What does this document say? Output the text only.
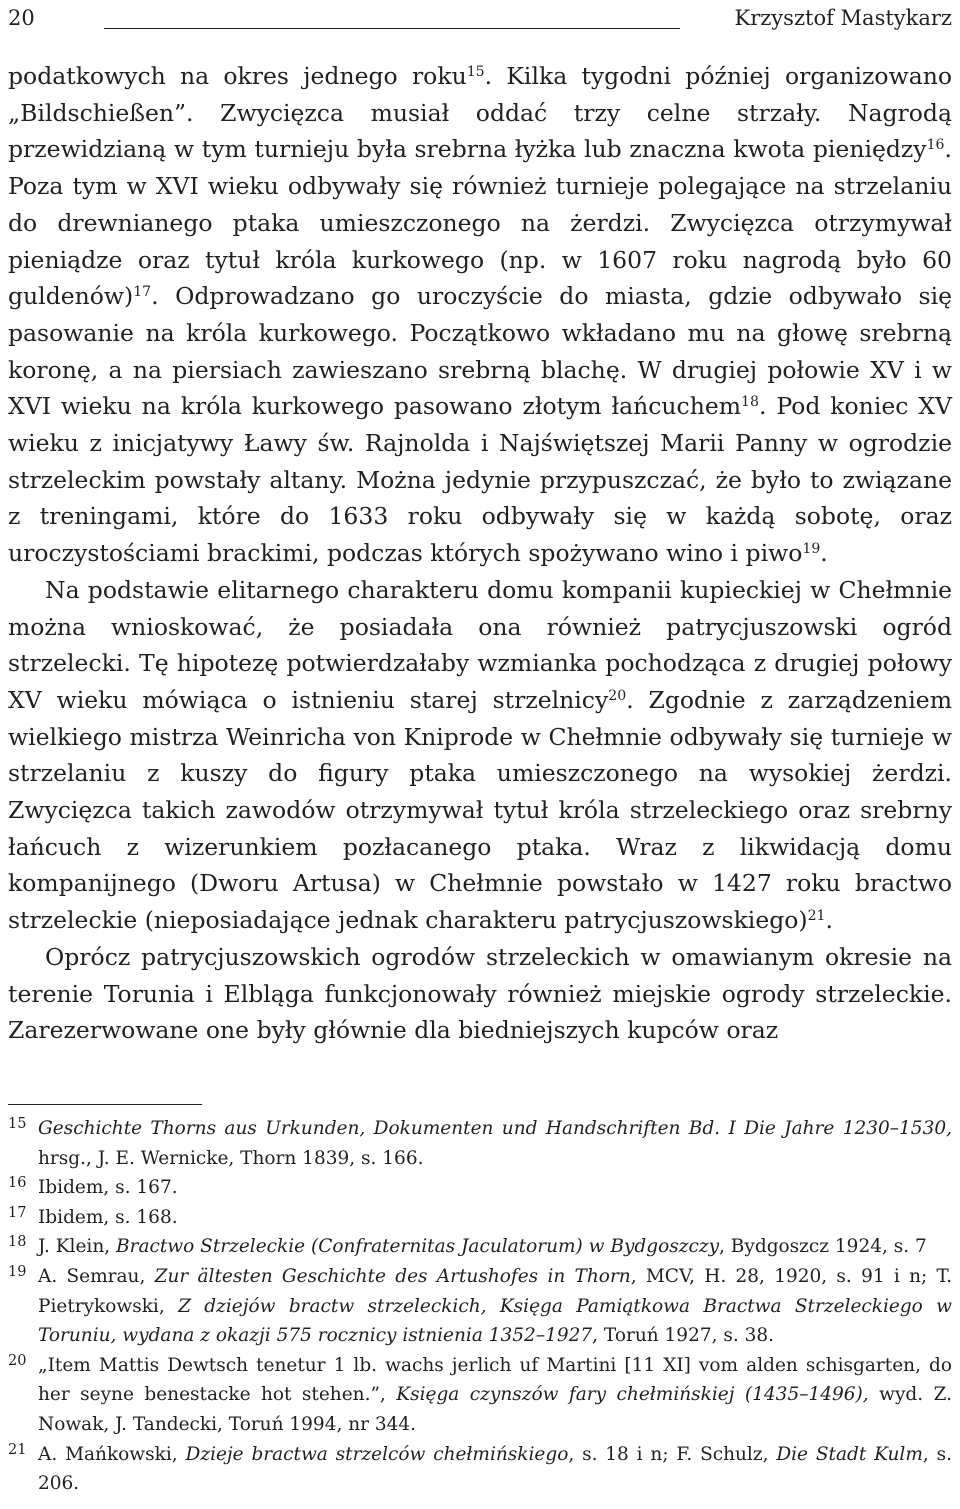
20	Krzysztof Mastykarz

podatkowych na okres jednego roku$^{15}$. Kilka tygodni później organizowano „Bildschießen”. Zwycięzca musiał oddać trzy celne strzały. Nagrodą przewidzianą w tym turnieju była srebrna łyżka lub znaczna kwota pieniędzy$^{16}$. Poza tym w XVI wieku odbywały się również turnieje polegające na strzelaniu do drewnianego ptaka umieszczonego na żerdzi. Zwycięzca otrzymywał pieniądze oraz tytuł króla kurkowego (np. w 1607 roku nagrodą było 60 guldenów)$^{17}$. Odprowadzano go uroczyście do miasta, gdzie odbywało się pasowanie na króla kurkowego. Początkowo wkładano mu na głowę srebrną koronę, a na piersiach zawieszano srebrną blachę. W drugiej połowie XV i w XVI wieku na króla kurkowego pasowano złotym łańcuchem$^{18}$. Pod koniec XV wieku z inicjatywy Ławy św. Rajnolda i Najświętszej Marii Panny w ogrodzie strzeleckim powstały altany. Można jedynie przypuszczać, że było to związane z treningami, które do 1633 roku odbywały się w każdą sobotę, oraz uroczystościami brackimi, podczas których spożywano wino i piwo$^{19}$.

Na podstawie elitarnego charakteru domu kompanii kupieckiej w Chełmnie można wnioskować, że posiadała ona również patrycjuszowski ogród strzelecki. Tę hipotezę potwierdzałaby wzmianka pochodząca z drugiej połowy XV wieku mówiąca o istnieniu starej strzelnicy$^{20}$. Zgodnie z zarządzeniem wielkiego mistrza Weinricha von Kniprode w Chełmnie odbywały się turnieje w strzelaniu z kuszy do figury ptaka umieszczonego na wysokiej żerdzi. Zwycięzca takich zawodów otrzymywał tytuł króla strzeleckiego oraz srebrny łańcuch z wizerunkiem pozłacanego ptaka. Wraz z likwidacją domu kompanijnego (Dworu Artusa) w Chełmnie powstało w 1427 roku bractwo strzeleckie (nieposiadające jednak charakteru patrycjuszowskiego)$^{21}$.

Oprócz patrycjuszowskich ogrodów strzeleckich w omawianym okresie na terenie Torunia i Elbląga funkcjonowały również miejskie ogrody strzeleckie. Zarezerwowane one były głównie dla biedniejszych kupców oraz

15 Geschichte Thorns aus Urkunden, Dokumenten und Handschriften Bd. I Die Jahre 1230–1530, hrsg., J. E. Wernicke, Thorn 1839, s. 166.
16 Ibidem, s. 167.
17 Ibidem, s. 168.
18 J. Klein, Bractwo Strzeleckie (Confraternitas Jaculatorum) w Bydgoszczy, Bydgoszcz 1924, s. 7
19 A. Semrau, Zur ältesten Geschichte des Artushofes in Thorn, MCV, H. 28, 1920, s. 91 i n; T. Pietrykowski, Z dziejów bractw strzeleckich, Księga Pamiątkowa Bractwa Strzeleckiego w Toruniu, wydana z okazji 575 rocznicy istnienia 1352–1927, Toruń 1927, s. 38.
20 „Item Mattis Dewtsch tenetur 1 lb. wachs jerlich uf Martini [11 XI] vom alden schisgarten, do her seyne benestacke hot stehen.”, Księga czynszów fary chełmińskiej (1435–1496), wyd. Z. Nowak, J. Tandecki, Toruń 1994, nr 344.
21 A. Mańkowski, Dzieje bractwa strzelców chełmińskiego, s. 18 i n; F. Schulz, Die Stadt Kulm, s. 206.
